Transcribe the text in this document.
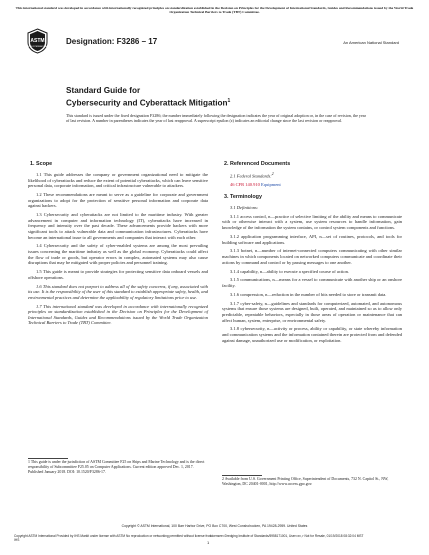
This international standard was developed in accordance with internationally recognized principles on standardization established in the Decision on Principles for the Development of International Standards, Guides and Recommendations issued by the World Trade Organization Technical Barriers to Trade (TBT) Committee.
ASTM
ASTM INTERNATIONAL
Designation: F3286 – 17	An American National Standard
Standard Guide for
Cybersecurity and Cyberattack Mitigation$^1$
This standard is issued under the fixed designation F3286; the number immediately following the designation indicates the year of original adoption or, in the case of revision, the year of last revision. A number in parentheses indicates the year of last reapproval. A superscript epsilon (ε) indicates an editorial change since the last revision or reapproval.
1. Scope

1.1 This guide addresses the company or government organizational need to mitigate the likelihood of cyberattacks and reduce the extent of potential cyberattacks, which can leave sensitive personal data, corporate information, and critical infrastructure vulnerable to attackers.

1.2 These recommendations are meant to serve as a guideline for corporate and government organizations to adopt for the protection of sensitive personal information and corporate data against hackers.

1.3 Cybersecurity and cyberattacks are not limited to the maritime industry. With greater advancement in computer and information technology (IT), cyberattacks have increased in frequency and intensity over the past decade. These advancements provide hackers with more significant tools to attack vulnerable data and communication infrastructures. Cyberattacks have become an international issue to all governments and companies that interact with each other.

1.4 Cybersecurity and the safety of cyber-enabled systems are among the most prevailing issues concerning the maritime industry as well as the global economy. Cyberattacks could affect the flow of trade or goods, but operator errors in complex, automated systems may also cause disruptions that may be mitigated with proper policies and personnel training.

1.5 This guide is meant to provide strategies for protecting sensitive data onboard vessels and offshore operations.

1.6 This standard does not purport to address all of the safety concerns, if any, associated with its use. It is the responsibility of the user of this standard to establish appropriate safety, health, and environmental practices and determine the applicability of regulatory limitations prior to use.

1.7 This international standard was developed in accordance with internationally recognized principles on standardization established in the Decision on Principles for the Development of International Standards, Guides and Recommendations issued by the World Trade Organization Technical Barriers to Trade (TBT) Committee.

2. Referenced Documents

2.1 Federal Standards:$^2$

46 CFR 140.910 Equipment
3. Terminology

3.1 Definitions:

3.1.1 access control, n—practice of selective limiting of the ability and means to communicate with or otherwise interact with a system, use system resources to handle information, gain knowledge of the information the system contains, or control system components and functions.

3.1.2 application programming interface, API, n—set of routines, protocols, and tools for building software and applications.

3.1.3 botnet, n—number of internet-connected computers communicating with other similar machines in which components located on networked computers communicate and coordinate their actions by command and control or by passing messages to one another.

3.1.4 capability, n—ability to execute a specified course of action.

3.1.5 communications, n—means for a vessel to communicate with another ship or an onshore facility.

3.1.6 compression, n—reduction in the number of bits needed to store or transmit data.

3.1.7 cyber-safety, n—guidelines and standards for computerized, automated, and autonomous systems that ensure those systems are designed, built, operated, and maintained so as to allow only predictable, repeatable behaviors, especially in those areas of operation or maintenance that can affect human, system, enterprise, or environmental safety.

3.1.8 cybersecurity, n—activity or process, ability or capability, or state whereby information and communication systems and the information contained therein are protected from and defended against damage, unauthorized use or modification, or exploitation.

1 This guide is under the jurisdiction of ASTM Committee F25 on Ships and Marine Technology and is the direct responsibility of Subcommittee F25.05 on Computer Applications. Current edition approved Dec. 1, 2017. Published January 2018. DOI: 10.1520/F3286-17.
2 Available from U.S. Government Printing Office, Superintendent of Documents, 732 N. Capitol St., NW, Washington, DC 20401-0001, http://www.access.gpo.gov.
Copyright © ASTM International, 100 Barr Harbor Drive, PO Box C700, West Conshohocken, PA 19428-2959. United States
Copyright ASTM International Provided by IHS Markit under license with ASTM No reproduction or networking permitted without license from IHS	1
Licensee=Dredging Institute of Standards/5958171001, User=xx, r Not for Resale, 01/19/2018 08:32:04 MST
